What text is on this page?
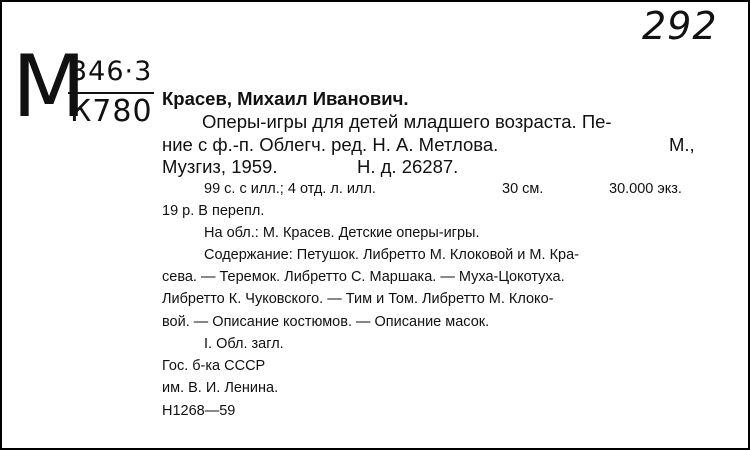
292
М
346·3
К780 Красев, Михаил Иванович.
Оперы-игры для детей младшего возраста. Пе-
ние с ф.-п. Облегч. ред. Н. А. Метлова.	М.,
Музгиз, 1959.	Н. д. 26287.
99 с. с илл.; 4 отд. л. илл.	30 см.	30.000 экз.
19 р. В перепл.
На обл.: М. Красев. Детские оперы-игры.
Содержание: Петушок. Либретто М. Клоковой и М. Кра-
сева. — Теремок. Либретто С. Маршака. — Муха-Цокотуха.
Либретто К. Чуковского. — Тим и Том. Либретто М. Клоко-
вой. — Описание костюмов. — Описание масок.
I. Обл. загл.
Гос. б-ка СССР
им. В. И. Ленина.
Н1268—59
